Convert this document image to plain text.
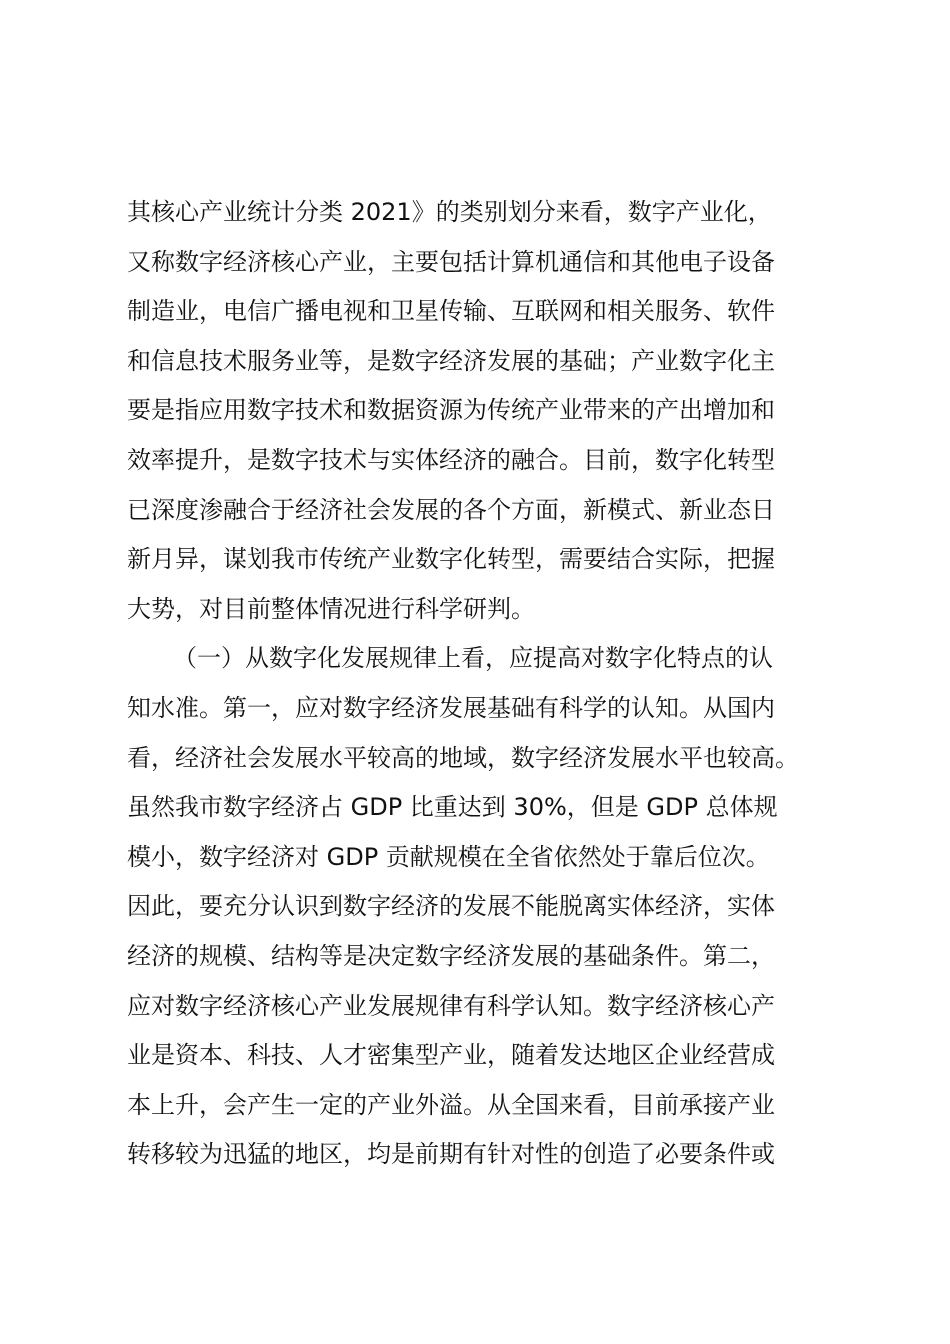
其核心产业统计分类 2021》的类别划分来看，数字产业化，
又称数字经济核心产业，主要包括计算机通信和其他电子设备
制造业，电信广播电视和卫星传输、互联网和相关服务、软件
和信息技术服务业等，是数字经济发展的基础；产业数字化主
要是指应用数字技术和数据资源为传统产业带来的产出增加和
效率提升，是数字技术与实体经济的融合。目前，数字化转型
已深度渗融合于经济社会发展的各个方面，新模式、新业态日
新月异，谋划我市传统产业数字化转型，需要结合实际，把握
大势，对目前整体情况进行科学研判。
（一）从数字化发展规律上看，应提高对数字化特点的认
知水准。第一，应对数字经济发展基础有科学的认知。从国内
看，经济社会发展水平较高的地域，数字经济发展水平也较高。
虽然我市数字经济占 GDP 比重达到 30%，但是 GDP 总体规
模小，数字经济对 GDP 贡献规模在全省依然处于靠后位次。
因此，要充分认识到数字经济的发展不能脱离实体经济，实体
经济的规模、结构等是决定数字经济发展的基础条件。第二，
应对数字经济核心产业发展规律有科学认知。数字经济核心产
业是资本、科技、人才密集型产业，随着发达地区企业经营成
本上升，会产生一定的产业外溢。从全国来看，目前承接产业
转移较为迅猛的地区，均是前期有针对性的创造了必要条件或
